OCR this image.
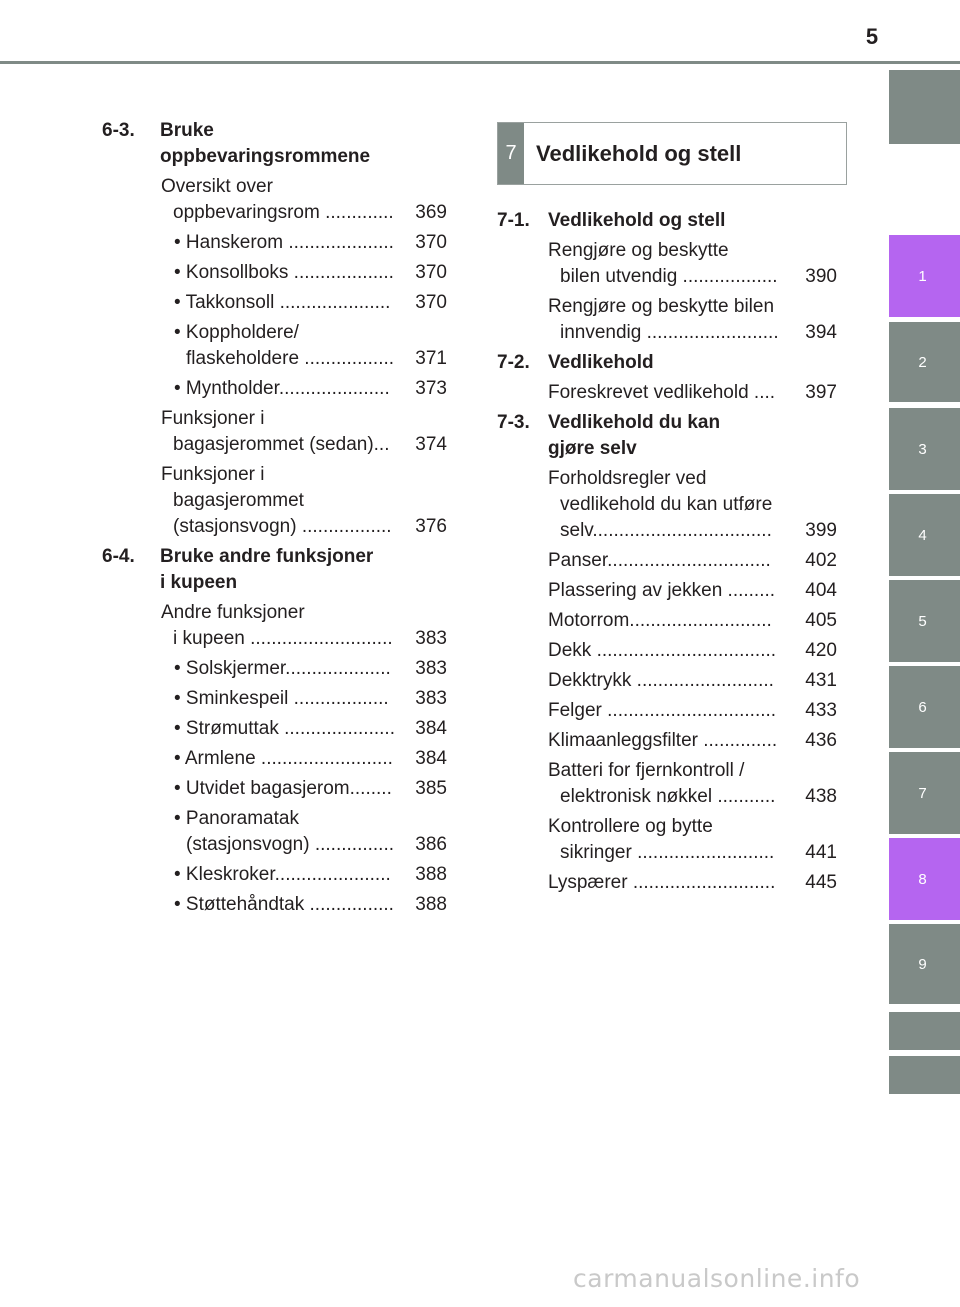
5
1
2
3
4
5
6
7
8
9
6-3.	Bruke
oppbevaringsrommene
Oversikt over
oppbevaringsrom ............. 369
• Hanskerom .................... 370
• Konsollboks ................... 370
• Takkonsoll ..................... 370
• Koppholdere/
flaskeholdere ................. 371
• Myntholder..................... 373
Funksjoner i
bagasjerommet (sedan)... 374
Funksjoner i
bagasjerommet
(stasjonsvogn) ................. 376
6-4.	Bruke andre funksjoner
i kupeen
Andre funksjoner
i kupeen ........................... 383
• Solskjermer.................... 383
• Sminkespeil .................. 383
• Strømuttak ..................... 384
• Armlene ......................... 384
• Utvidet bagasjerom........ 385
• Panoramatak
(stasjonsvogn) ............... 386
• Kleskroker...................... 388
• Støttehåndtak ................ 388
7 Vedlikehold og stell
7-1. Vedlikehold og stell
Rengjøre og beskytte
bilen utvendig .................. 390
Rengjøre og beskytte bilen
innvendig ......................... 394
7-2. Vedlikehold
Foreskrevet vedlikehold .... 397
7-3. Vedlikehold du kan
gjøre selv
Forholdsregler ved
vedlikehold du kan utføre
selv.................................. 399
Panser............................... 402
Plassering av jekken ......... 404
Motorrom........................... 405
Dekk .................................. 420
Dekktrykk .......................... 431
Felger ................................ 433
Klimaanleggsfilter .............. 436
Batteri for fjernkontroll /
elektronisk nøkkel ........... 438
Kontrollere og bytte
sikringer .......................... 441
Lyspærer ........................... 445
carmanualsonline.info
